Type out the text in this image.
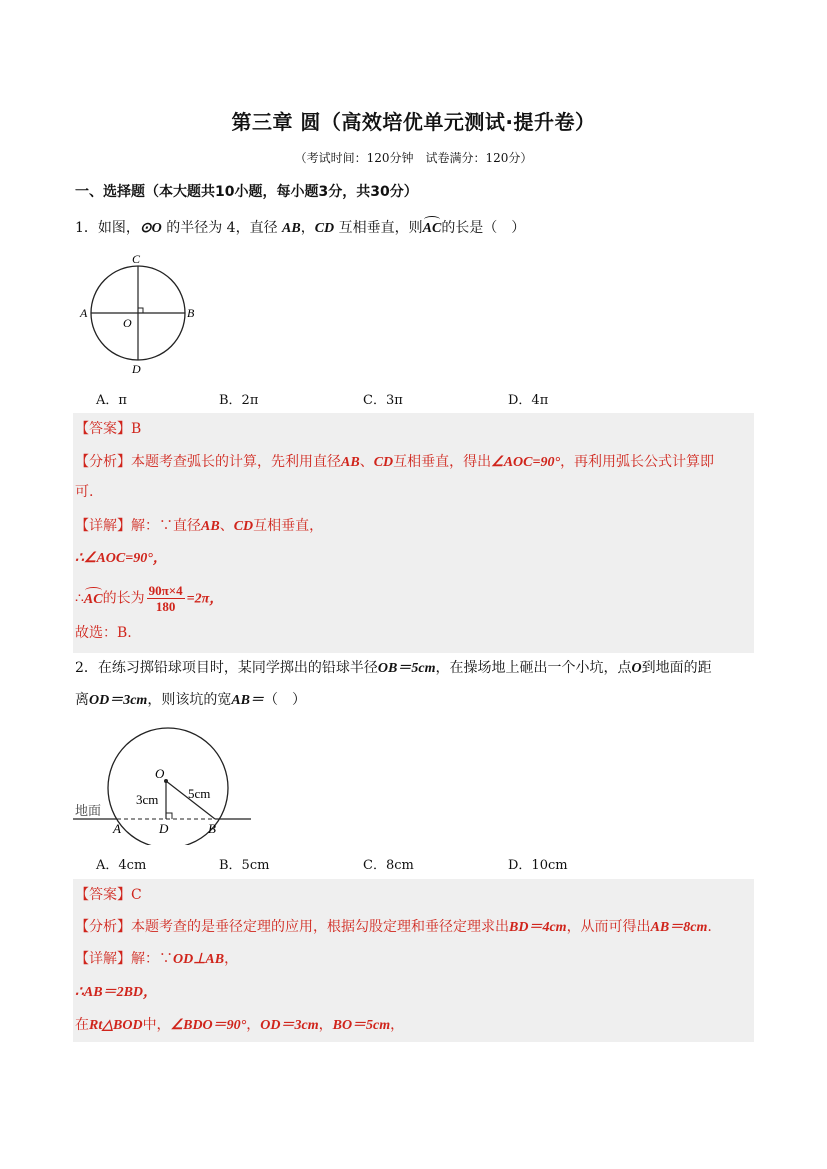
第三章 圆（高效培优单元测试·提升卷）
（考试时间：120分钟　试卷满分：120分）
一、选择题（本大题共10小题，每小题3分，共30分）
1．如图，⊙O 的半径为 4，直径 AB，CD 互相垂直，则AC的长是（　）
C
A
O
B
D
A．π	B．2π	C．3π	D．4π
【答案】B
【分析】本题考查弧长的计算，先利用直径AB、CD互相垂直，得出∠AOC=90°，再利用弧长公式计算即
可.
【详解】解：∵直径AB、CD互相垂直，
∴∠AOC=90°，
∴AC的长为 $\frac{90\pi\times 4}{180} =2\pi$，
故选：B.
2．在练习掷铅球项目时，某同学掷出的铅球半径OB＝5cm，在操场地上砸出一个小坑，点O到地面的距
离OD＝3cm，则该坑的宽AB＝（　）
O
3cm 5cm
地面
A	D	B
A．4cm	B．5cm	C．8cm	D．10cm
【答案】C
【分析】本题考查的是垂径定理的应用，根据勾股定理和垂径定理求出BD＝4cm，从而可得出AB＝8cm.
【详解】解：∵OD⊥AB，
∴AB＝2BD，
在Rt△BOD中，∠BDO＝90°，OD＝3cm，BO＝5cm，
